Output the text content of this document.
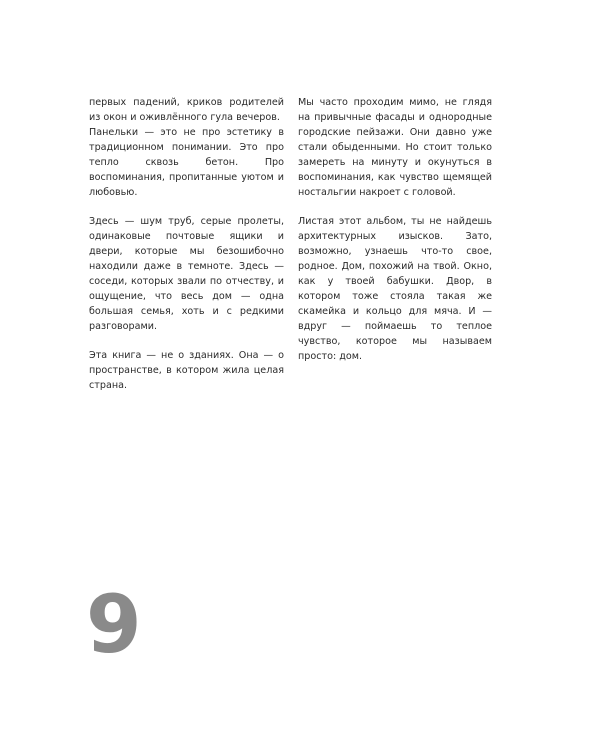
первых падений, криков родителей из окон и оживлённого гула вечеров.

Панельки — это не про эстетику в традиционном понимании. Это про тепло сквозь бетон. Про воспоминания, пропитанные уютом и любовью.

Здесь — шум труб, серые пролеты, одинаковые почтовые ящики и двери, которые мы безошибочно находили даже в темноте. Здесь — соседи, которых звали по отчеству, и ощущение, что весь дом — одна большая семья, хоть и с редкими разговорами.

Эта книга — не о зданиях. Она — о пространстве, в котором жила целая страна.

Мы часто проходим мимо, не глядя на привычные фасады и однородные городские пейзажи. Они давно уже стали обыденными. Но стоит только замереть на минуту и окунуться в воспоминания, как чувство щемящей ностальгии накроет с головой.

Листая этот альбом, ты не найдешь архитектурных изысков. Зато, возможно, узнаешь что-то свое, родное. Дом, похожий на твой. Окно, как у твоей бабушки. Двор, в котором тоже стояла такая же скамейка и кольцо для мяча. И — вдруг — поймаешь то теплое чувство, которое мы называем просто: дом.

9
